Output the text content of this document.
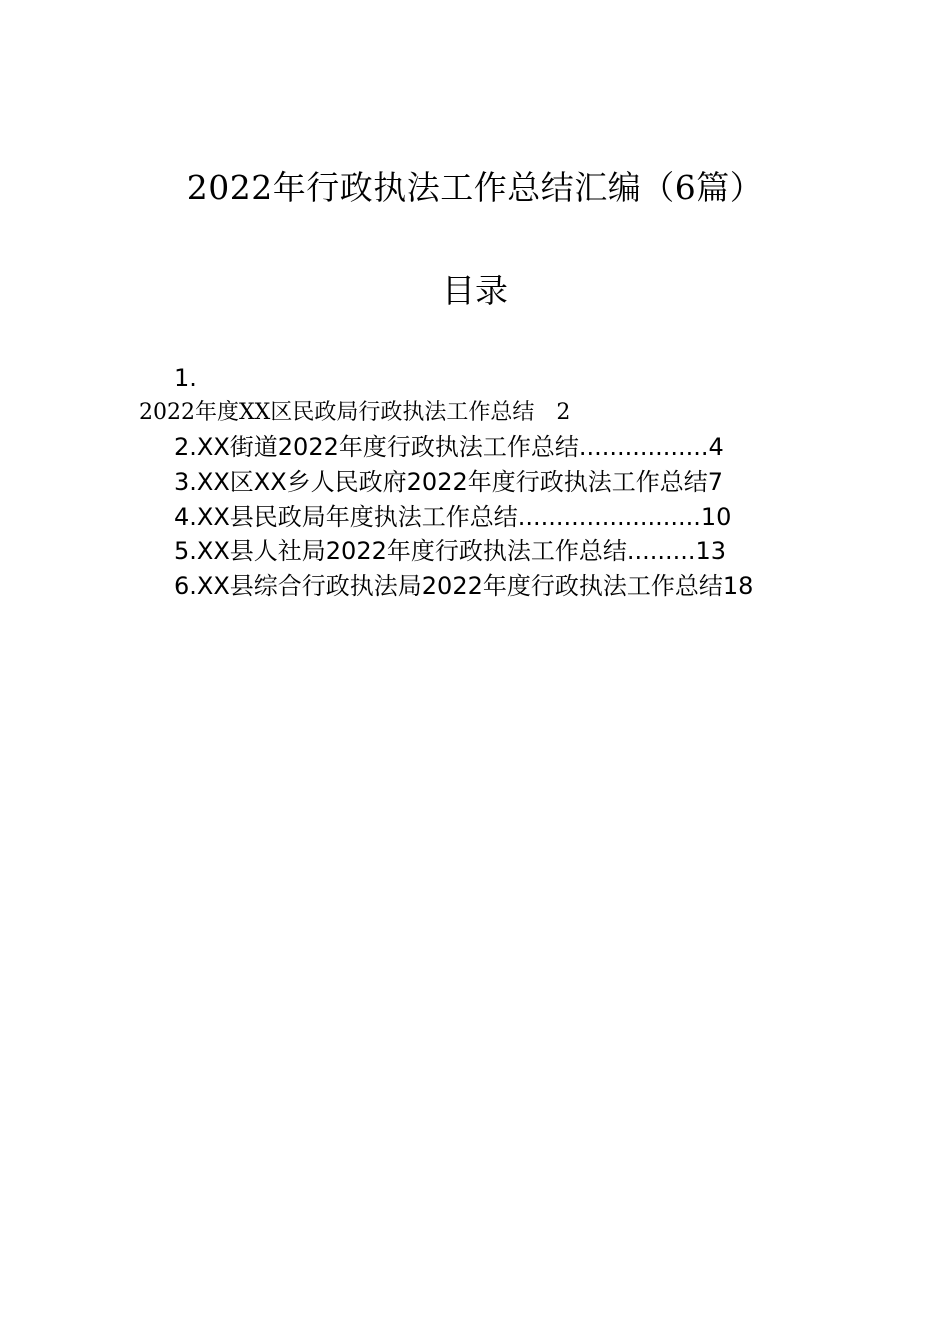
2022年行政执法工作总结汇编（6篇）
目录
1.
2022年度XX区民政局行政执法工作总结 2
2.XX街道2022年度行政执法工作总结.................4
3.XX区XX乡人民政府2022年度行政执法工作总结7
4.XX县民政局年度执法工作总结........................10
5.XX县人社局2022年度行政执法工作总结.........13
6.XX县综合行政执法局2022年度行政执法工作总结18
